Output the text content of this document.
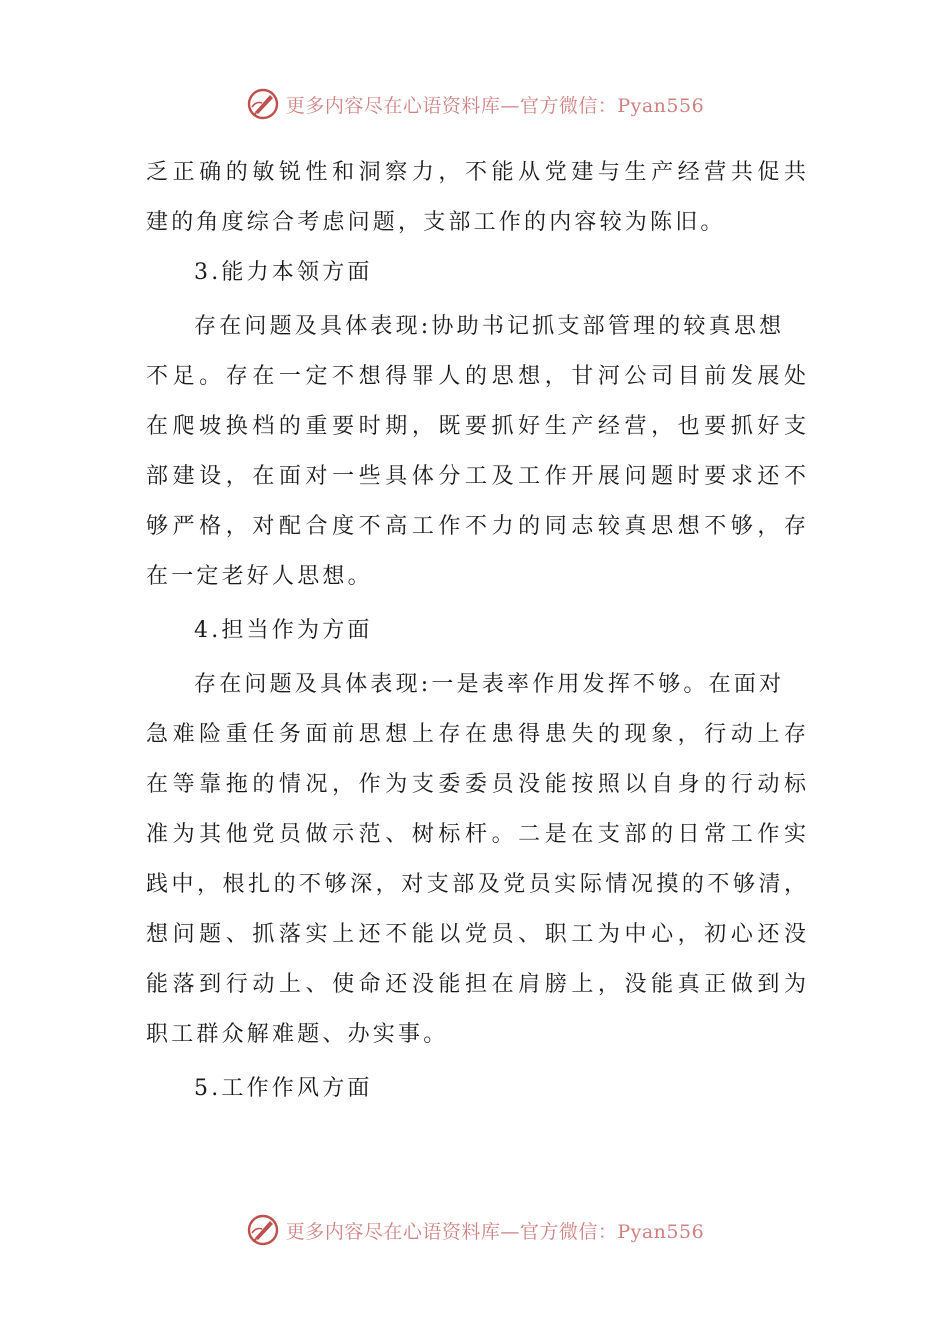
更多内容尽在心语资料库—官方微信：Pyan556

乏正确的敏锐性和洞察力，不能从党建与生产经营共促共

建的角度综合考虑问题，支部工作的内容较为陈旧。

3.能力本领方面

存在问题及具体表现:协助书记抓支部管理的较真思想

不足。存在一定不想得罪人的思想，甘河公司目前发展处

在爬坡换档的重要时期，既要抓好生产经营，也要抓好支

部建设，在面对一些具体分工及工作开展问题时要求还不

够严格，对配合度不高工作不力的同志较真思想不够，存

在一定老好人思想。

4.担当作为方面

存在问题及具体表现:一是表率作用发挥不够。在面对

急难险重任务面前思想上存在患得患失的现象，行动上存

在等靠拖的情况，作为支委委员没能按照以自身的行动标

准为其他党员做示范、树标杆。二是在支部的日常工作实

践中，根扎的不够深，对支部及党员实际情况摸的不够清，

想问题、抓落实上还不能以党员、职工为中心，初心还没

能落到行动上、使命还没能担在肩膀上，没能真正做到为

职工群众解难题、办实事。

5.工作作风方面

更多内容尽在心语资料库—官方微信：Pyan556
